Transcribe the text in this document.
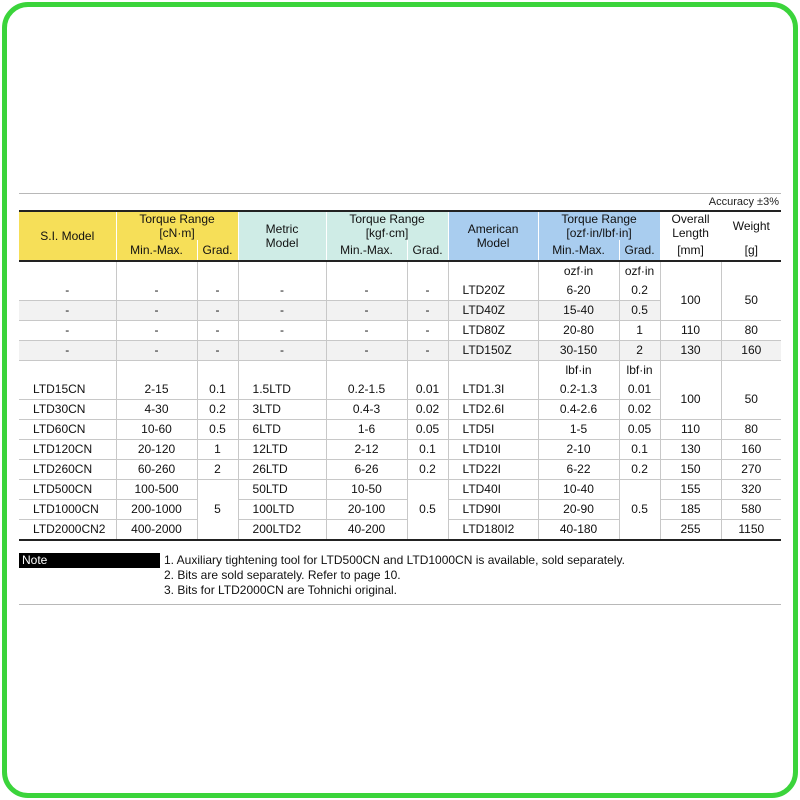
Accuracy ±3%
S.I. Model	Torque Range
[cN·m]		Metric
Model	Torque Range
[kgf·cm]		American
Model	Torque Range
[ozf·in/lbf·in]		Overall
Length	Weight
	Min.-Max.	Grad.		Min.-Max.	Grad.		Min.-Max.	Grad.	[mm]	[g]
							ozf·in	ozf·in		
-	-	-	-	-	-	LTD20Z	6-20	0.2	100	50
-	-	-	-	-	-	LTD40Z	15-40	0.5		
-	-	-	-	-	-	LTD80Z	20-80	1	110	80
-	-	-	-	-	-	LTD150Z	30-150	2	130	160
							lbf·in	lbf·in		
LTD15CN	2-15	0.1	1.5LTD	0.2-1.5	0.01	LTD1.3I	0.2-1.3	0.01	100	50
LTD30CN	4-30	0.2	3LTD	0.4-3	0.02	LTD2.6I	0.4-2.6	0.02		
LTD60CN	10-60	0.5	6LTD	1-6	0.05	LTD5I	1-5	0.05	110	80
LTD120CN	20-120	1	12LTD	2-12	0.1	LTD10I	2-10	0.1	130	160
LTD260CN	60-260	2	26LTD	6-26	0.2	LTD22I	6-22	0.2	150	270
LTD500CN	100-500	5	50LTD	10-50	0.5	LTD40I	10-40	0.5	155	320
LTD1000CN	200-1000		100LTD	20-100		LTD90I	20-90		185	580
LTD2000CN2	400-2000		200LTD2	40-200		LTD180I2	40-180		255	1150

Note	1. Auxiliary tightening tool for LTD500CN and LTD1000CN is available, sold separately.
2. Bits are sold separately. Refer to page 10.
3. Bits for LTD2000CN are Tohnichi original.
